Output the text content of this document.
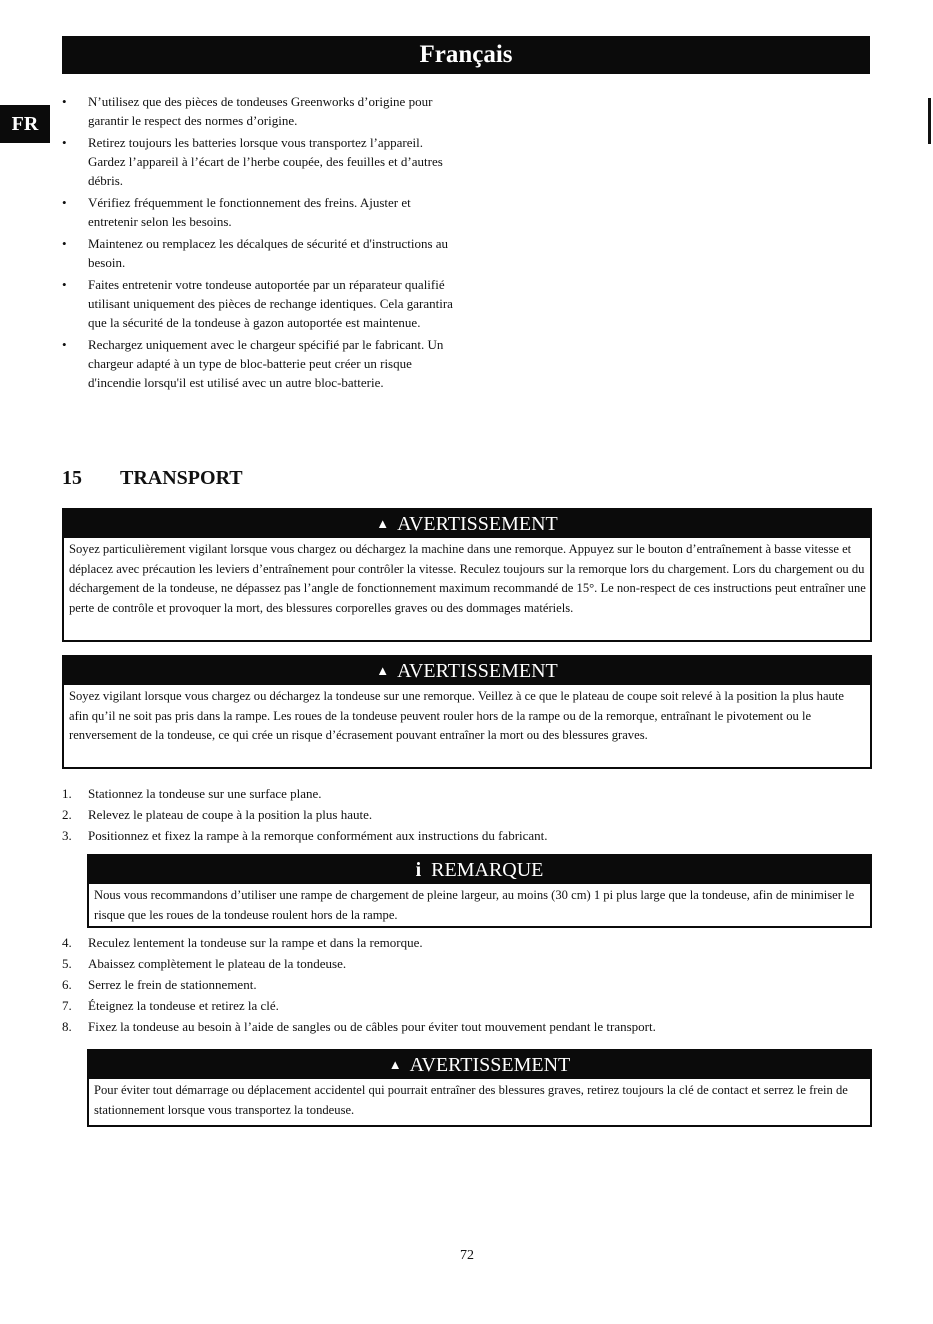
Français
FR
• N’utilisez que des pièces de tondeuses Greenworks d’origine pour garantir le respect des normes d’origine.
• Retirez toujours les batteries lorsque vous transportez l’appareil. Gardez l’appareil à l’écart de l’herbe coupée, des feuilles et d’autres débris.
• Vérifiez fréquemment le fonctionnement des freins. Ajuster et entretenir selon les besoins.
• Maintenez ou remplacez les décalques de sécurité et d'instructions au besoin.
• Faites entretenir votre tondeuse autoportée par un réparateur qualifié utilisant uniquement des pièces de rechange identiques. Cela garantira que la sécurité de la tondeuse à gazon autoportée est maintenue.
• Rechargez uniquement avec le chargeur spécifié par le fabricant. Un chargeur adapté à un type de bloc-batterie peut créer un risque d'incendie lorsqu'il est utilisé avec un autre bloc-batterie.
15 TRANSPORT
▲ AVERTISSEMENT
Soyez particulièrement vigilant lorsque vous chargez ou déchargez la machine dans une remorque. Appuyez sur le bouton d’entraînement à basse vitesse et déplacez avec précaution les leviers d’entraînement pour contrôler la vitesse. Reculez toujours sur la remorque lors du chargement. Lors du chargement ou du déchargement de la tondeuse, ne dépassez pas l’angle de fonctionnement maximum recommandé de 15°. Le non-respect de ces instructions peut entraîner une perte de contrôle et provoquer la mort, des blessures corporelles graves ou des dommages matériels.
▲ AVERTISSEMENT
Soyez vigilant lorsque vous chargez ou déchargez la tondeuse sur une remorque. Veillez à ce que le plateau de coupe soit relevé à la position la plus haute afin qu’il ne soit pas pris dans la rampe. Les roues de la tondeuse peuvent rouler hors de la rampe ou de la remorque, entraînant le pivotement ou le renversement de la tondeuse, ce qui crée un risque d’écrasement pouvant entraîner la mort ou des blessures graves.
1. Stationnez la tondeuse sur une surface plane.
2. Relevez le plateau de coupe à la position la plus haute.
3. Positionnez et fixez la rampe à la remorque conformément aux instructions du fabricant.
i REMARQUE
Nous vous recommandons d’utiliser une rampe de chargement de pleine largeur, au moins (30 cm) 1 pi plus large que la tondeuse, afin de minimiser le risque que les roues de la tondeuse roulent hors de la rampe.
4. Reculez lentement la tondeuse sur la rampe et dans la remorque.
5. Abaissez complètement le plateau de la tondeuse.
6. Serrez le frein de stationnement.
7. Éteignez la tondeuse et retirez la clé.
8. Fixez la tondeuse au besoin à l’aide de sangles ou de câbles pour éviter tout mouvement pendant le transport.
▲ AVERTISSEMENT
Pour éviter tout démarrage ou déplacement accidentel qui pourrait entraîner des blessures graves, retirez toujours la clé de contact et serrez le frein de stationnement lorsque vous transportez la tondeuse.
72
